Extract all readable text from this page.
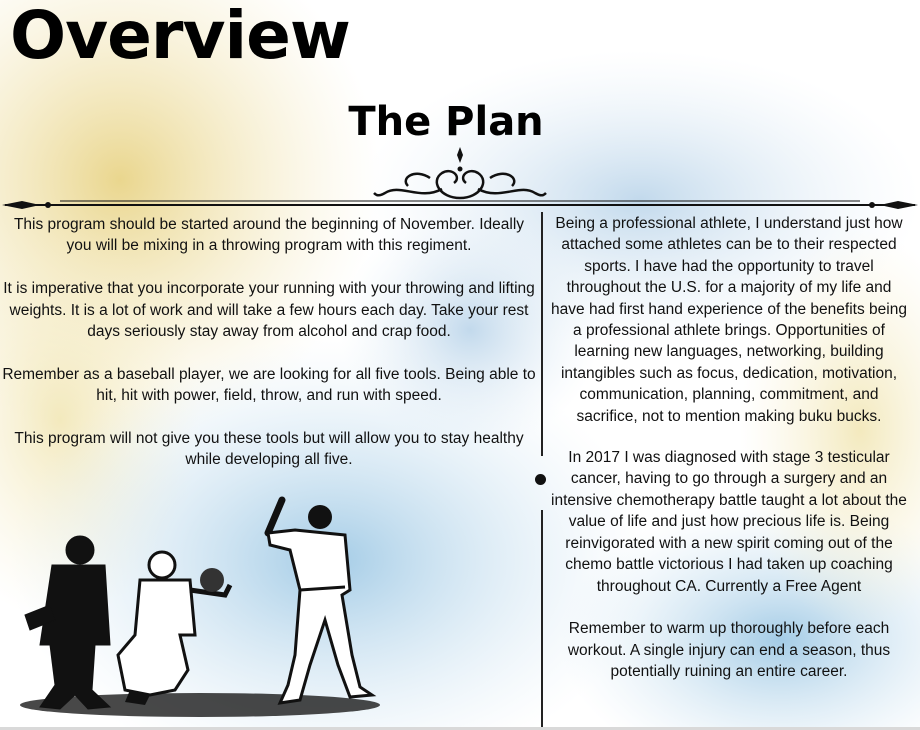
Overview
The Plan

This program should be started around the beginning of November. Ideally you will be mixing in a throwing program with this regiment.

It is imperative that you incorporate your running with your throwing and lifting weights. It is a lot of work and will take a few hours each day. Take your rest days seriously stay away from alcohol and crap food.

Remember as a baseball player, we are looking for all five tools. Being able to hit, hit with power, field, throw, and run with speed.

This program will not give you these tools but will allow you to stay healthy while developing all five.

Being a professional athlete, I understand just how attached some athletes can be to their respected sports. I have had the opportunity to travel throughout the U.S. for a majority of my life and have had first hand experience of the benefits being a professional athlete brings. Opportunities of learning new languages, networking, building intangibles such as focus, dedication, motivation, communication, planning, commitment, and sacrifice, not to mention making buku bucks.

In 2017 I was diagnosed with stage 3 testicular cancer, having to go through a surgery and an intensive chemotherapy battle taught a lot about the value of life and just how precious life is. Being reinvigorated with a new spirit coming out of the chemo battle victorious I had taken up coaching throughout CA. Currently a Free Agent

Remember to warm up thoroughly before each workout. A single injury can end a season, thus potentially ruining an entire career.
